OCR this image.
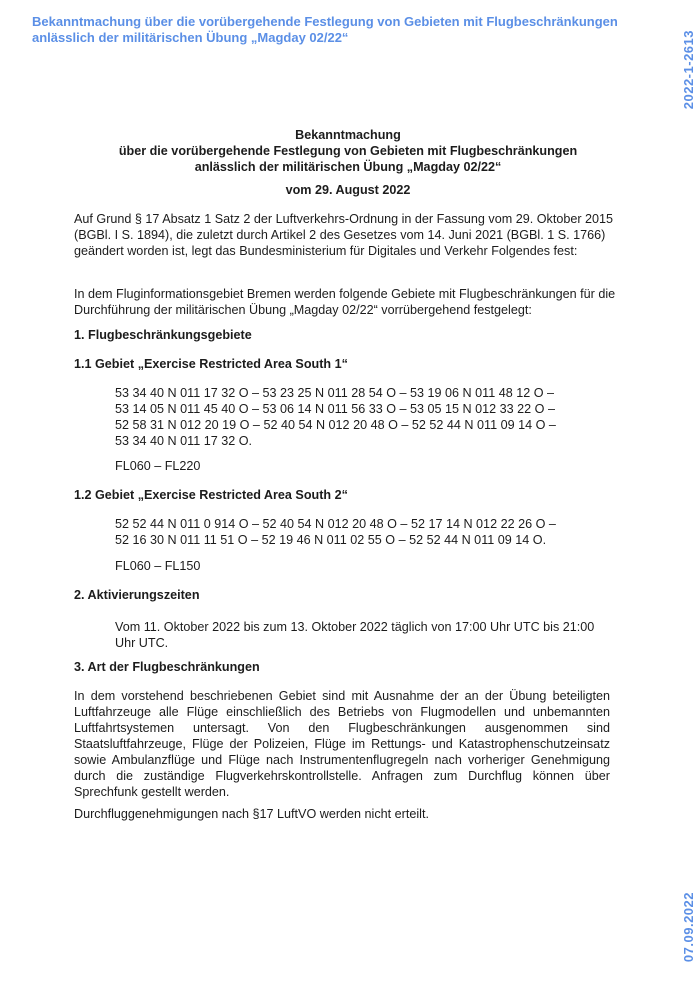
Bekanntmachung über die vorübergehende Festlegung von Gebieten mit Flugbeschränkungen anlässlich der militärischen Übung „Magday 02/22“	2022-1-2613
07.09.2022
Bekanntmachung
über die vorübergehende Festlegung von Gebieten mit Flugbeschränkungen
anlässlich der militärischen Übung „Magday 02/22“
vom 29. August 2022

Auf Grund § 17 Absatz 1 Satz 2 der Luftverkehrs-Ordnung in der Fassung vom 29. Oktober 2015 (BGBl. I S. 1894), die zuletzt durch Artikel 2 des Gesetzes vom 14. Juni 2021 (BGBl. 1 S. 1766) geändert worden ist, legt das Bundesministerium für Digitales und Verkehr Folgendes fest:

In dem Fluginformationsgebiet Bremen werden folgende Gebiete mit Flugbeschränkungen für die Durchführung der militärischen Übung „Magday 02/22“ vorrübergehend festgelegt:

1. Flugbeschränkungsgebiete

1.1 Gebiet „Exercise Restricted Area South 1“

53 34 40 N 011 17 32 O – 53 23 25 N 011 28 54 O – 53 19 06 N 011 48 12 O –
53 14 05 N 011 45 40 O – 53 06 14 N 011 56 33 O – 53 05 15 N 012 33 22 O –
52 58 31 N 012 20 19 O – 52 40 54 N 012 20 48 O – 52 52 44 N 011 09 14 O –
53 34 40 N 011 17 32 O.

FL060 – FL220

1.2 Gebiet „Exercise Restricted Area South 2“

52 52 44 N 011 0 914 O – 52 40 54 N 012 20 48 O – 52 17 14 N 012 22 26 O –
52 16 30 N 011 11 51 O – 52 19 46 N 011 02 55 O – 52 52 44 N 011 09 14 O.

FL060 – FL150

2. Aktivierungszeiten

Vom 11. Oktober 2022 bis zum 13. Oktober 2022 täglich von 17:00 Uhr UTC bis 21:00 Uhr UTC.

3. Art der Flugbeschränkungen

In dem vorstehend beschriebenen Gebiet sind mit Ausnahme der an der Übung beteiligten Luftfahrzeuge alle Flüge einschließlich des Betriebs von Flugmodellen und unbemannten Luftfahrtsystemen untersagt. Von den Flugbeschränkungen ausgenommen sind Staatsluftfahrzeuge, Flüge der Polizeien, Flüge im Rettungs- und Katastrophenschutzeinsatz sowie Ambulanzflüge und Flüge nach Instrumentenflugregeln nach vorheriger Genehmigung durch die zuständige Flugverkehrskontrollstelle. Anfragen zum Durchflug können über Sprechfunk gestellt werden.

Durchfluggenehmigungen nach §17 LuftVO werden nicht erteilt.
